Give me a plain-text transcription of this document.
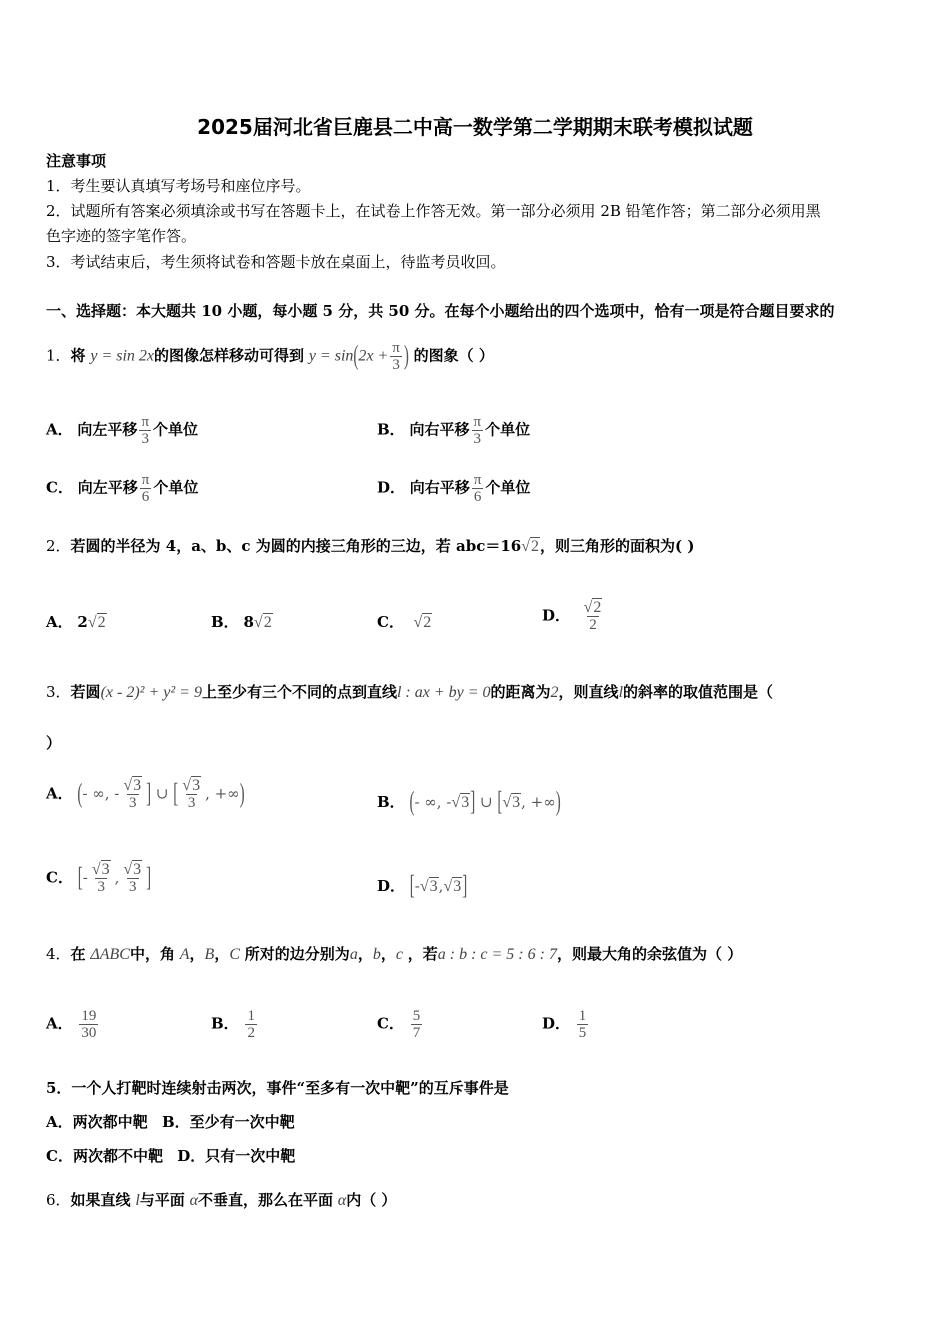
2025届河北省巨鹿县二中高一数学第二学期期末联考模拟试题
注意事项
1．考生要认真填写考场号和座位序号。
2．试题所有答案必须填涂或书写在答题卡上，在试卷上作答无效。第一部分必须用 2B 铅笔作答；第二部分必须用黑
色字迹的签字笔作答。
3．考试结束后，考生须将试卷和答题卡放在桌面上，待监考员收回。
一、选择题：本大题共 10 小题，每小题 5 分，共 50 分。在每个小题给出的四个选项中，恰有一项是符合题目要求的
1．将 y = sin 2x的图像怎样移动可得到 $y = \sin(2x + \frac{\pi}{3}$ ) 的图象（ ）
A． 向左平移 $\frac{\pi}{3}$ 个单位	B． 向右平移 $\frac{\pi}{3}$ 个单位
C． 向左平移 $\frac{\pi}{6}$ 个单位	D． 向右平移 $\frac{\pi}{6}$ 个单位
2．若圆的半径为 4，a、b、c 为圆的内接三角形的三边，若 abc＝16√2，则三角形的面积为( )
A． 2√2	B． 8√2	C． √2	D． $\frac{√2}{2}$
3．若圆(x - 2)² + y² = 9上至少有三个不同的点到直线l : ax + by = 0的距离为2，则直线l的斜率的取值范围是（
）
A． (- ∞, - $\frac{√3}{3}$ ] ∪ [ $\frac{√3}{3}$ , +∞)	B． (- ∞, -√3] ∪ [√3, +∞)
C． [- $\frac{√3}{3}$ , $\frac{√3}{3}$ ]	D． [-√3,√3]
4．在 ΔABC中，角 A，B，C 所对的边分别为a，b，c ，若a : b : c = 5 : 6 : 7，则最大角的余弦值为（ ）
A． $\frac{19}{30}$	B． $\frac{1}{2}$	C． $\frac{5}{7}$	D． $\frac{1}{5}$
5．一个人打靶时连续射击两次，事件“至多有一次中靶”的互斥事件是
A．两次都中靶 B．至少有一次中靶
C．两次都不中靶 D．只有一次中靶
6．如果直线 l与平面 α不垂直，那么在平面 α内（ ）
